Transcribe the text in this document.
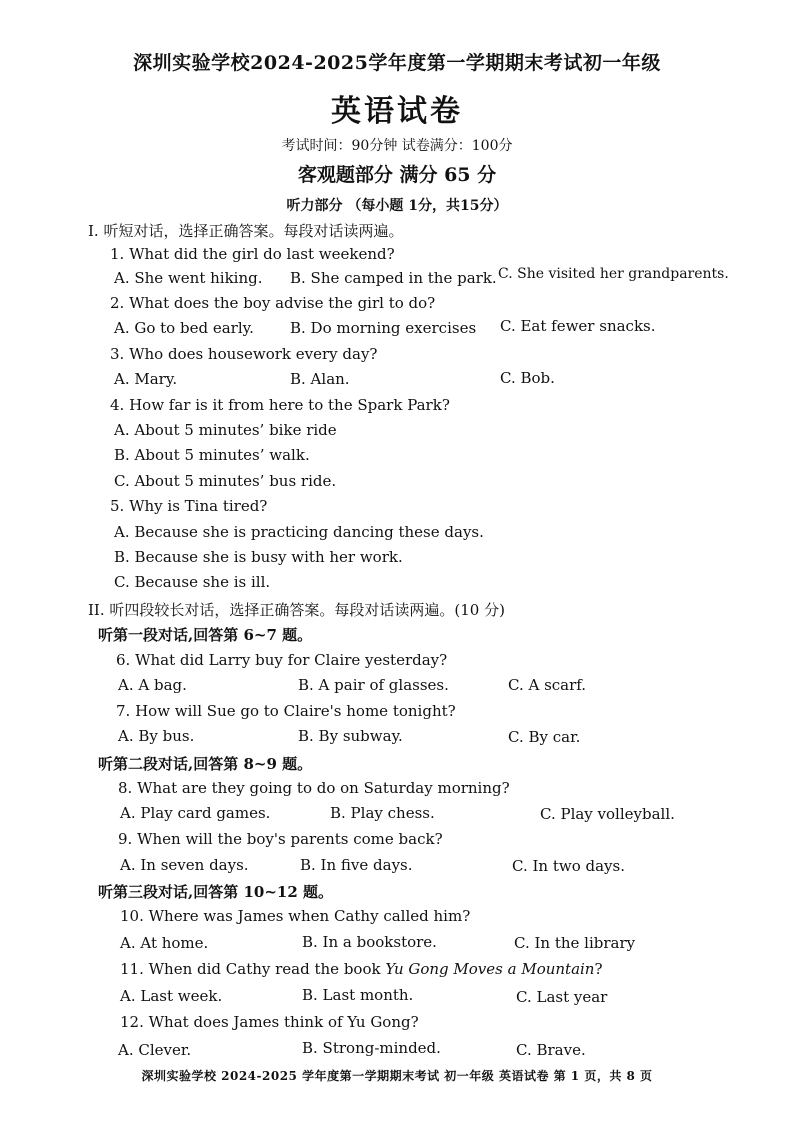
深圳实验学校2024-2025学年度第一学期期末考试初一年级
英语试卷
考试时间：90分钟 试卷满分：100分
客观题部分 满分 65 分
听力部分 （每小题 1分，共15分）
I. 听短对话，选择正确答案。每段对话读两遍。
1. What did the girl do last weekend?
A. She went hiking. B. She camped in the park. C. She visited her grandparents.
2. What does the boy advise the girl to do?
A. Go to bed early. B. Do morning exercises C. Eat fewer snacks.
3. Who does housework every day?
A. Mary.	B. Alan.	C. Bob.
4. How far is it from here to the Spark Park?
A. About 5 minutes’ bike ride
B. About 5 minutes’ walk.
C. About 5 minutes’ bus ride.
5. Why is Tina tired?
A. Because she is practicing dancing these days.
B. Because she is busy with her work.
C. Because she is ill.
II. 听四段较长对话，选择正确答案。每段对话读两遍。(10 分)
听第一段对话,回答第 6~7 题。
6. What did Larry buy for Claire yesterday?
A. A bag.	B. A pair of glasses.	C. A scarf.
7. How will Sue go to Claire's home tonight?
A. By bus.	B. By subway.	C. By car.
听第二段对话,回答第 8~9 题。
8. What are they going to do on Saturday morning?
A. Play card games.	B. Play chess.	C. Play volleyball.
9. When will the boy's parents come back?
A. In seven days.	B. In five days.	C. In two days.
听第三段对话,回答第 10~12 题。
10. Where was James when Cathy called him?
A. At home.	B. In a bookstore.	C. In the library
11. When did Cathy read the book Yu Gong Moves a Mountain?
A. Last week.	B. Last month.	C. Last year
12. What does James think of Yu Gong?
A. Clever.	B. Strong-minded.	C. Brave.
深圳实验学校 2024-2025 学年度第一学期期末考试 初一年级 英语试卷 第 1 页，共 8 页
